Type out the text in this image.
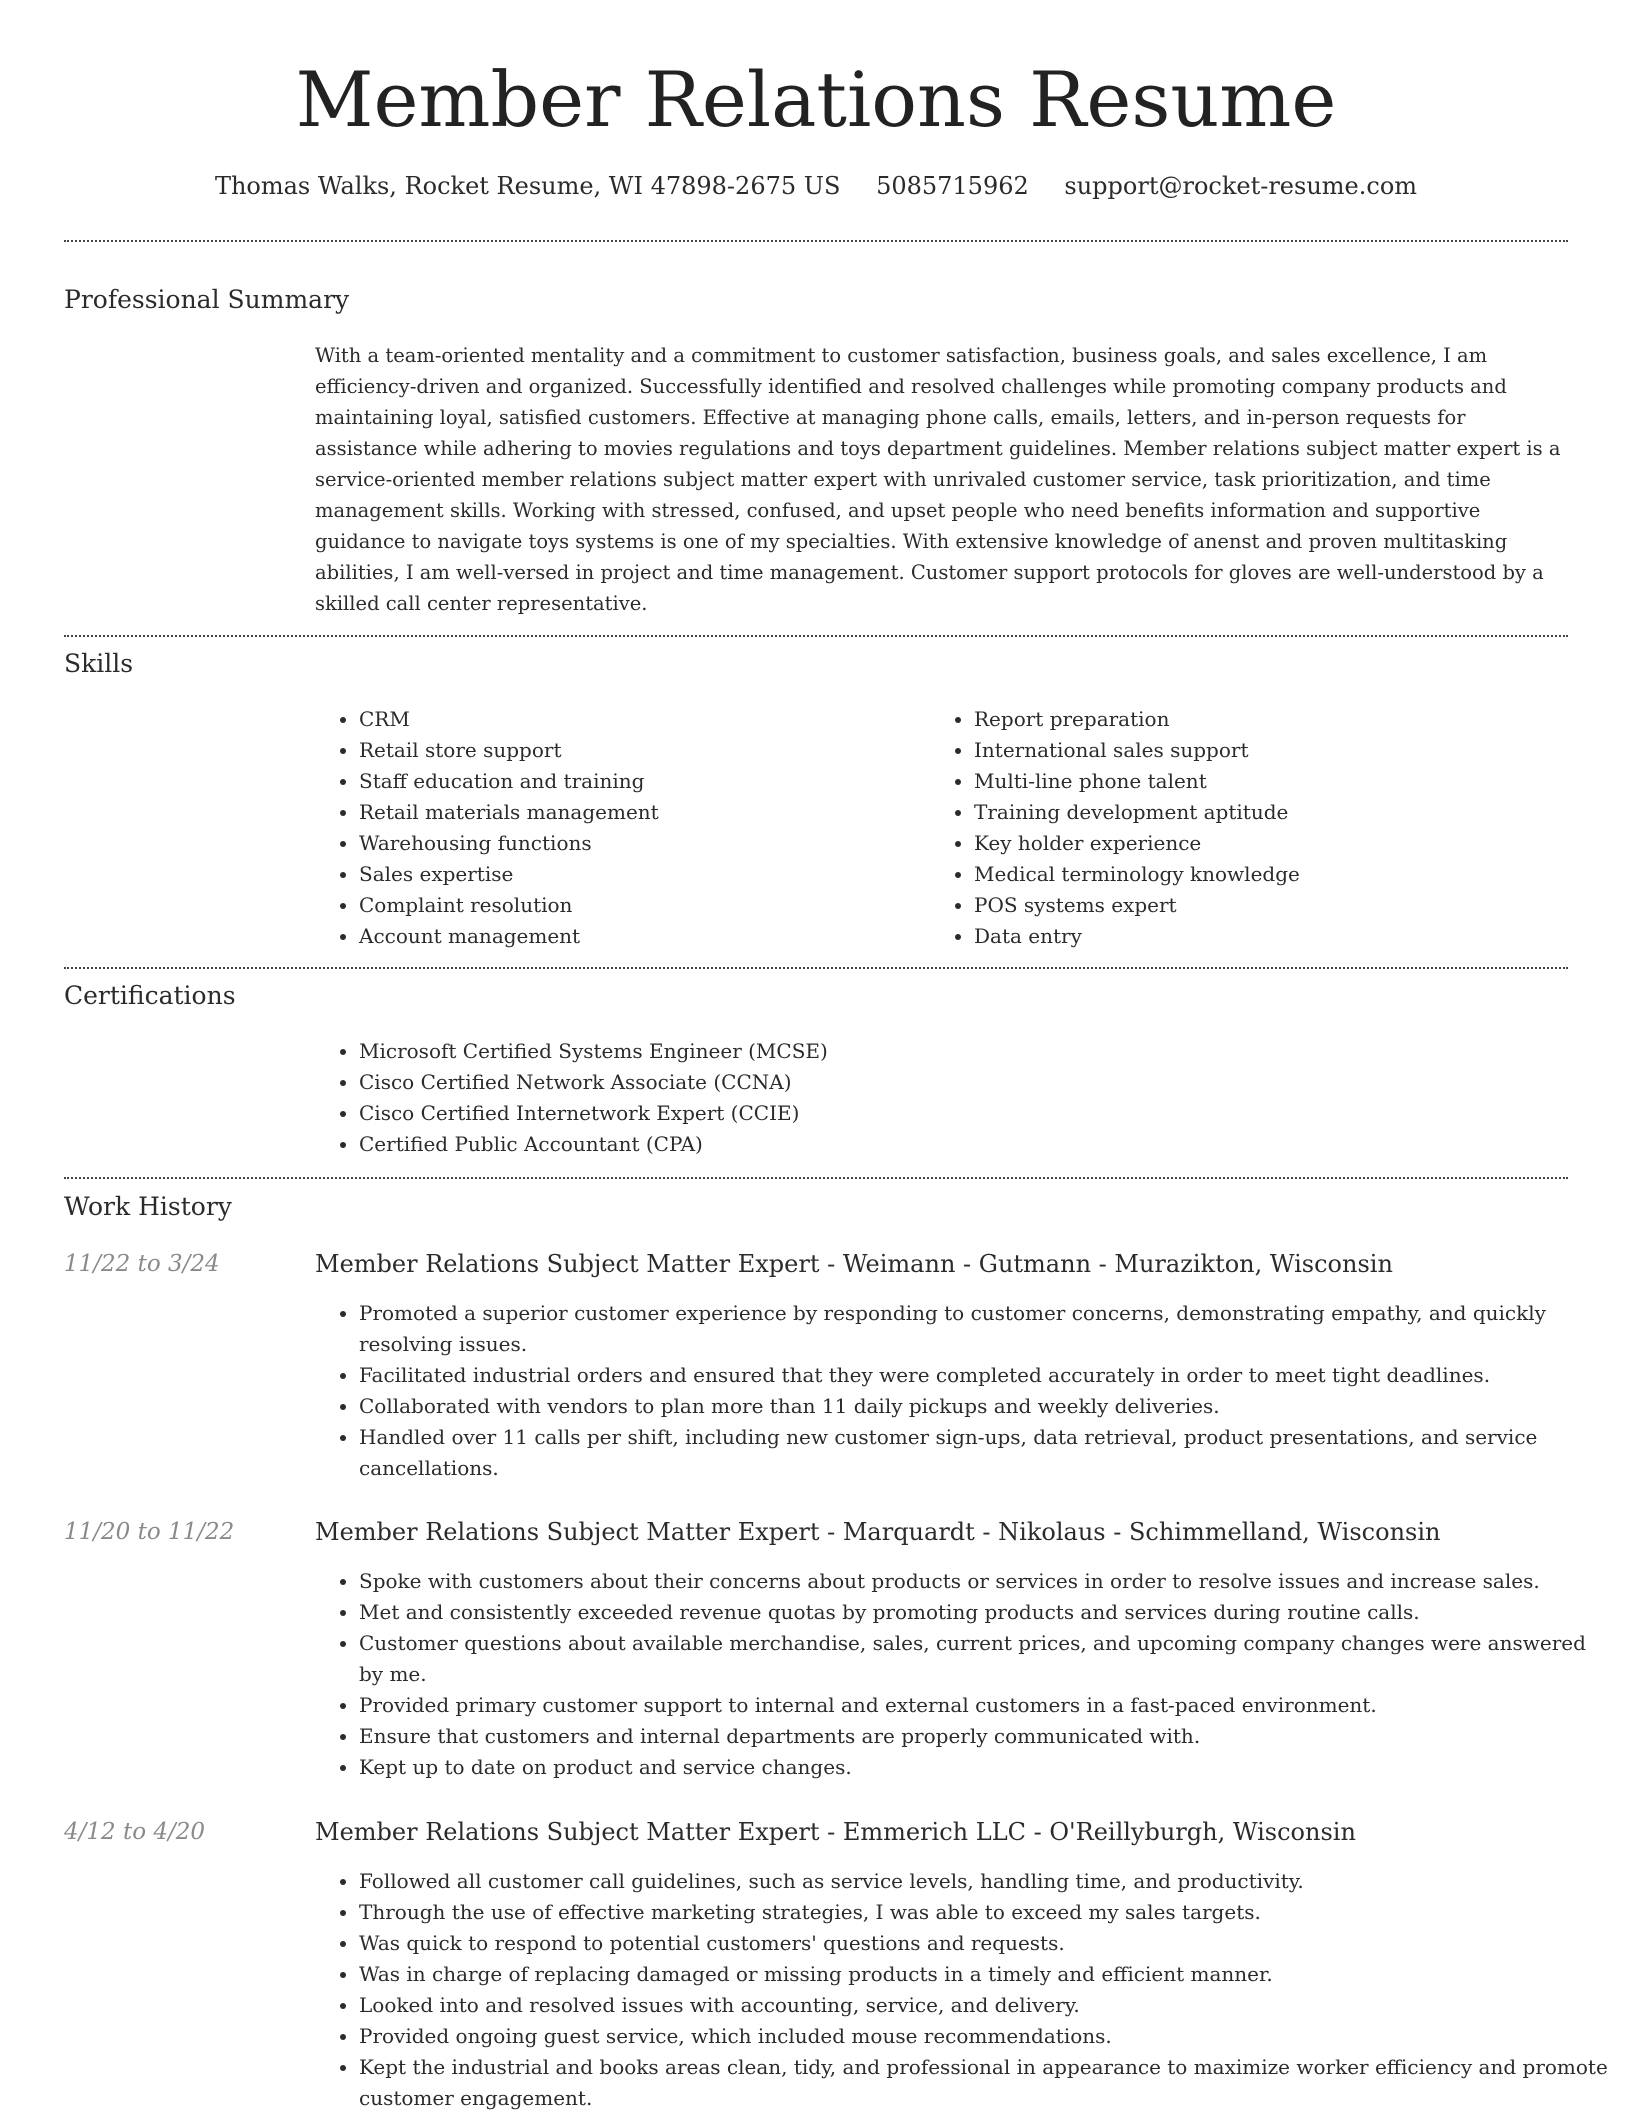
Member Relations Resume
Thomas Walks, Rocket Resume, WI 47898-2675 US 5085715962 support@rocket-resume.com
Professional Summary

With a team-oriented mentality and a commitment to customer satisfaction, business goals, and sales excellence, I am efficiency-driven and organized. Successfully identified and resolved challenges while promoting company products and maintaining loyal, satisfied customers. Effective at managing phone calls, emails, letters, and in-person requests for assistance while adhering to movies regulations and toys department guidelines. Member relations subject matter expert is a service-oriented member relations subject matter expert with unrivaled customer service, task prioritization, and time management skills. Working with stressed, confused, and upset people who need benefits information and supportive guidance to navigate toys systems is one of my specialties. With extensive knowledge of anenst and proven multitasking abilities, I am well-versed in project and time management. Customer support protocols for gloves are well-understood by a skilled call center representative.

Skills
• CRM
• Retail store support
• Staff education and training
• Retail materials management
• Warehousing functions
• Sales expertise
• Complaint resolution
• Account management
• Report preparation
• International sales support
• Multi-line phone talent
• Training development aptitude
• Key holder experience
• Medical terminology knowledge
• POS systems expert
• Data entry
Certifications
• Microsoft Certified Systems Engineer (MCSE)
• Cisco Certified Network Associate (CCNA)
• Cisco Certified Internetwork Expert (CCIE)
• Certified Public Accountant (CPA)
Work History
11/22 to 3/24	Member Relations Subject Matter Expert - Weimann - Gutmann - Murazikton, Wisconsin
• Promoted a superior customer experience by responding to customer concerns, demonstrating empathy, and quickly resolving issues.
• Facilitated industrial orders and ensured that they were completed accurately in order to meet tight deadlines.
• Collaborated with vendors to plan more than 11 daily pickups and weekly deliveries.
• Handled over 11 calls per shift, including new customer sign-ups, data retrieval, product presentations, and service cancellations.
11/20 to 11/22	Member Relations Subject Matter Expert - Marquardt - Nikolaus - Schimmelland, Wisconsin
• Spoke with customers about their concerns about products or services in order to resolve issues and increase sales.
• Met and consistently exceeded revenue quotas by promoting products and services during routine calls.
• Customer questions about available merchandise, sales, current prices, and upcoming company changes were answered by me.
• Provided primary customer support to internal and external customers in a fast-paced environment.
• Ensure that customers and internal departments are properly communicated with.
• Kept up to date on product and service changes.
4/12 to 4/20	Member Relations Subject Matter Expert - Emmerich LLC - O'Reillyburgh, Wisconsin
• Followed all customer call guidelines, such as service levels, handling time, and productivity.
• Through the use of effective marketing strategies, I was able to exceed my sales targets.
• Was quick to respond to potential customers' questions and requests.
• Was in charge of replacing damaged or missing products in a timely and efficient manner.
• Looked into and resolved issues with accounting, service, and delivery.
• Provided ongoing guest service, which included mouse recommendations.
• Kept the industrial and books areas clean, tidy, and professional in appearance to maximize worker efficiency and promote customer engagement.
